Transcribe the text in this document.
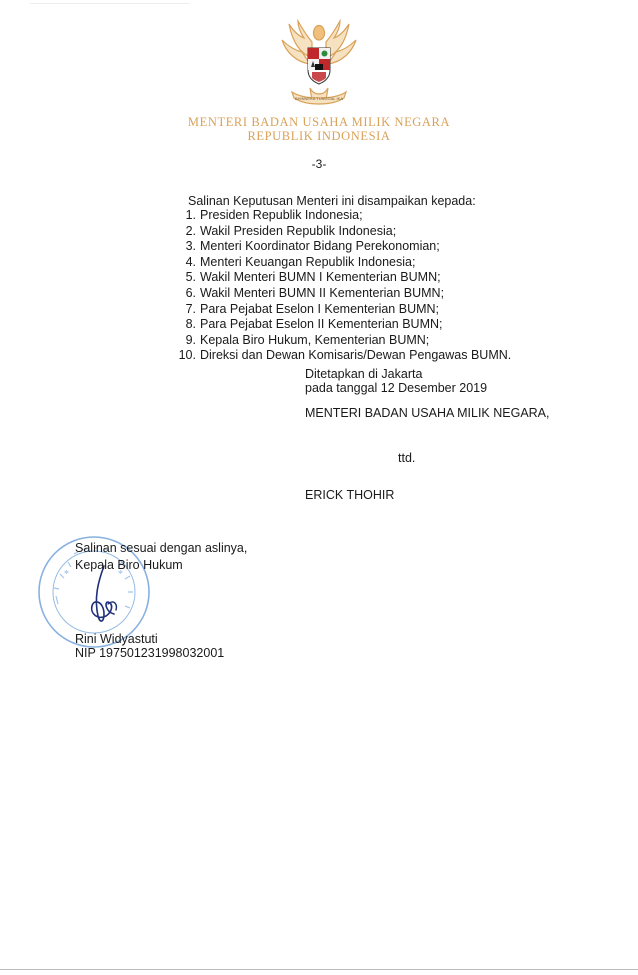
BHINNEKA TUNGGAL IKA
MENTERI BADAN USAHA MILIK NEGARA
REPUBLIK INDONESIA
-3-
Salinan Keputusan Menteri ini disampaikan kepada:
1. Presiden Republik Indonesia;
2. Wakil Presiden Republik Indonesia;
3. Menteri Koordinator Bidang Perekonomian;
4. Menteri Keuangan Republik Indonesia;
5. Wakil Menteri BUMN I Kementerian BUMN;
6. Wakil Menteri BUMN II Kementerian BUMN;
7. Para Pejabat Eselon I Kementerian BUMN;
8. Para Pejabat Eselon II Kementerian BUMN;
9. Kepala Biro Hukum, Kementerian BUMN;
10. Direksi dan Dewan Komisaris/Dewan Pengawas BUMN.
Ditetapkan di Jakarta
pada tanggal 12 Desember 2019
MENTERI BADAN USAHA MILIK NEGARA,
ttd.
ERICK THOHIR
*	*
Salinan sesuai dengan aslinya,
Kepala Biro Hukum
Rini Widyastuti
NIP 197501231998032001
